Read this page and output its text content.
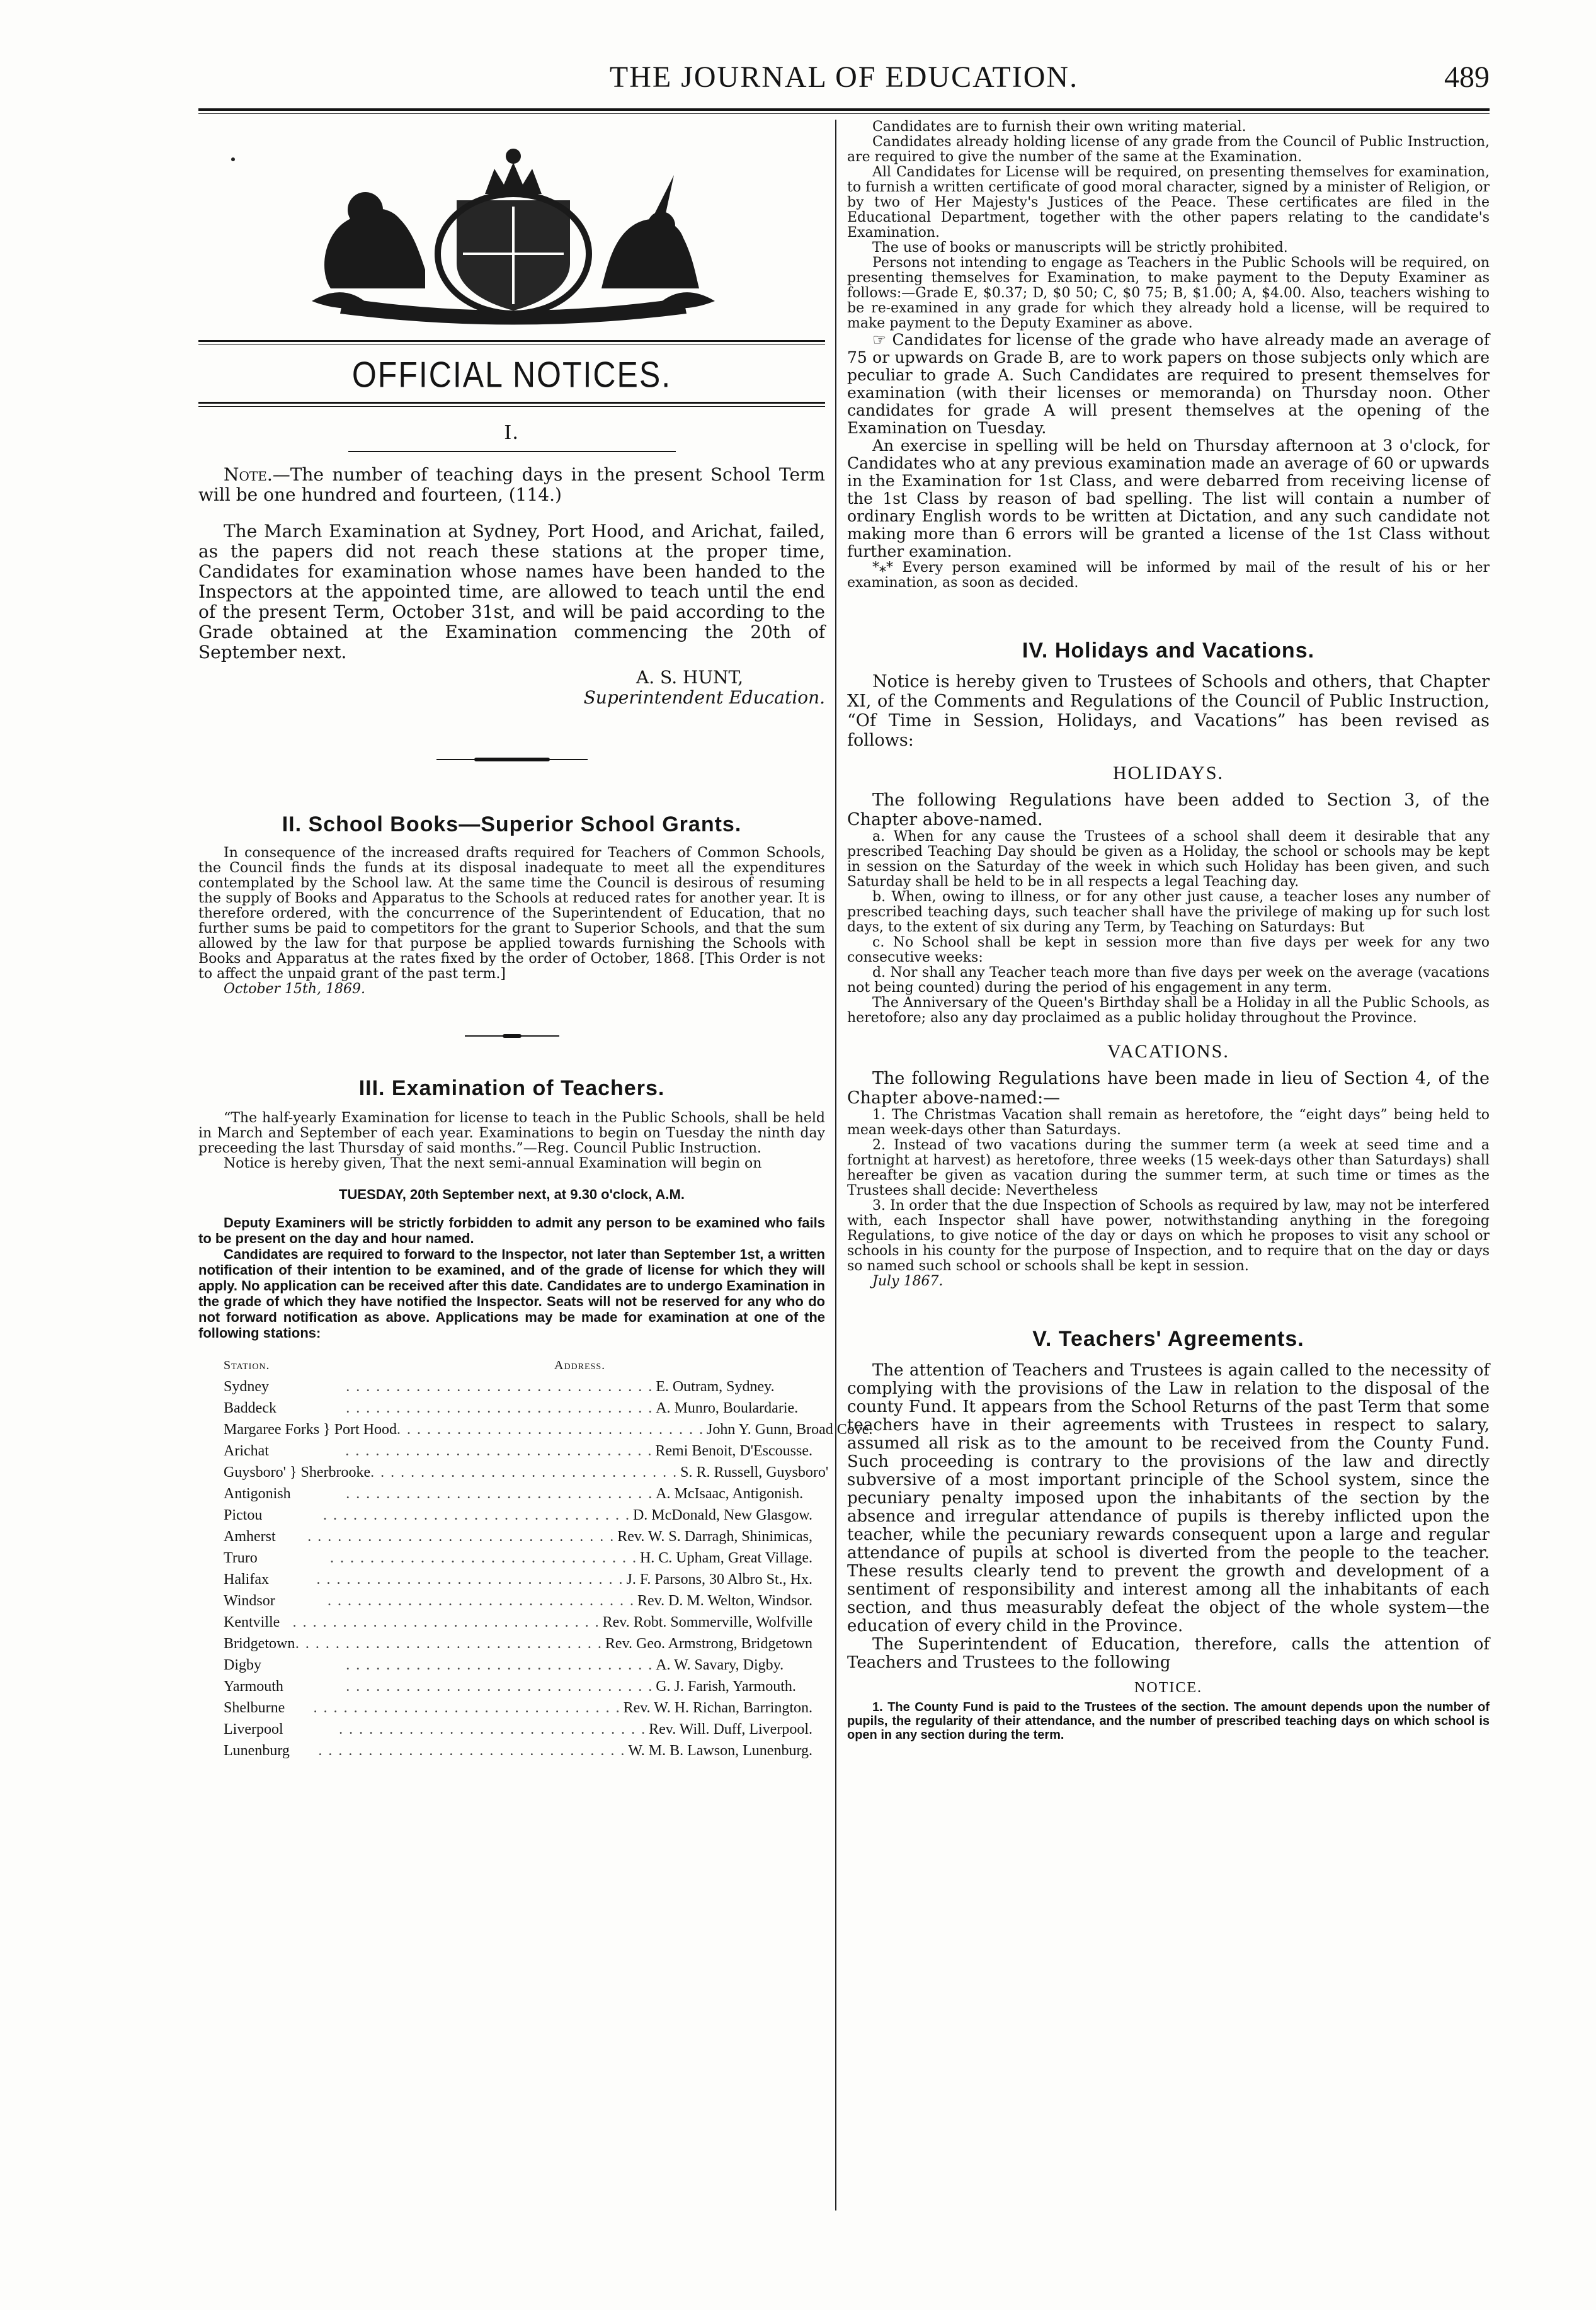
THE JOURNAL OF EDUCATION.	489
OFFICIAL NOTICES.
I.

Note.—The number of teaching days in the present School Term will be one hundred and fourteen, (114.)

The March Examination at Sydney, Port Hood, and Arichat, failed, as the papers did not reach these stations at the proper time, Candidates for examination whose names have been handed to the Inspectors at the appointed time, are allowed to teach until the end of the present Term, October 31st, and will be paid according to the Grade obtained at the Examination commencing the 20th of September next.

A. S. HUNT,

Superintendent Education.

II. School Books—Superior School Grants.

In consequence of the increased drafts required for Teachers of Common Schools, the Council finds the funds at its disposal inadequate to meet all the expenditures contemplated by the School law. At the same time the Council is desirous of resuming the supply of Books and Apparatus to the Schools at reduced rates for another year. It is therefore ordered, with the concurrence of the Superintendent of Education, that no further sums be paid to competitors for the grant to Superior Schools, and that the sum allowed by the law for that purpose be applied towards furnishing the Schools with Books and Apparatus at the rates fixed by the order of October, 1868. [This Order is not to affect the unpaid grant of the past term.]

October 15th, 1869.

III. Examination of Teachers.

“The half-yearly Examination for license to teach in the Public Schools, shall be held in March and September of each year. Examinations to begin on Tuesday the ninth day preceeding the last Thursday of said months.”—Reg. Council Public Instruction.

Notice is hereby given, That the next semi-annual Examination will begin on

TUESDAY, 20th September next, at 9.30 o'clock, A.M.

Deputy Examiners will be strictly forbidden to admit any person to be examined who fails to be present on the day and hour named.

Candidates are required to forward to the Inspector, not later than September 1st, a written notification of their intention to be examined, and of the grade of license for which they will apply. No application can be received after this date. Candidates are to undergo Examination in the grade of which they have notified the Inspector. Seats will not be reserved for any who do not forward notification as above. Applications may be made for examination at one of the following stations:

Station.	Address.
Sydney	. . . . . . . . . . . . . . . . . . . . . . . . . . . . . . . E. Outram, Sydney.
Baddeck	. . . . . . . . . . . . . . . . . . . . . . . . . . . . . . . A. Munro, Boulardarie.
Margaree Forks } Port Hood . . . . . . . . . . . . . . . . . . . . . . . . . . . . . . . John Y. Gunn, Broad Cove.
Arichat	. . . . . . . . . . . . . . . . . . . . . . . . . . . . . . . Remi Benoit, D'Escousse.
Guysboro' } Sherbrooke . . . . . . . . . . . . . . . . . . . . . . . . . . . . . . . S. R. Russell, Guysboro'
Antigonish	. . . . . . . . . . . . . . . . . . . . . . . . . . . . . . . A. McIsaac, Antigonish.
Pictou	. . . . . . . . . . . . . . . . . . . . . . . . . . . . . . . D. McDonald, New Glasgow.
Amherst	. . . . . . . . . . . . . . . . . . . . . . . . . . . . . . . Rev. W. S. Darragh, Shinimicas,
Truro	. . . . . . . . . . . . . . . . . . . . . . . . . . . . . . . H. C. Upham, Great Village.
Halifax	. . . . . . . . . . . . . . . . . . . . . . . . . . . . . . . J. F. Parsons, 30 Albro St., Hx.
Windsor	. . . . . . . . . . . . . . . . . . . . . . . . . . . . . . . Rev. D. M. Welton, Windsor.
Kentville . . . . . . . . . . . . . . . . . . . . . . . . . . . . . . . Rev. Robt. Sommerville, Wolfville
Bridgetown . . . . . . . . . . . . . . . . . . . . . . . . . . . . . . . Rev. Geo. Armstrong, Bridgetown
Digby	. . . . . . . . . . . . . . . . . . . . . . . . . . . . . . . A. W. Savary, Digby.
Yarmouth	. . . . . . . . . . . . . . . . . . . . . . . . . . . . . . . G. J. Farish, Yarmouth.
Shelburne	. . . . . . . . . . . . . . . . . . . . . . . . . . . . . . . Rev. W. H. Richan, Barrington.
Liverpool	. . . . . . . . . . . . . . . . . . . . . . . . . . . . . . . Rev. Will. Duff, Liverpool.
Lunenburg	. . . . . . . . . . . . . . . . . . . . . . . . . . . . . . . W. M. B. Lawson, Lunenburg.

Candidates are to furnish their own writing material.

Candidates already holding license of any grade from the Council of Public Instruction, are required to give the number of the same at the Examination.

All Candidates for License will be required, on presenting themselves for examination, to furnish a written certificate of good moral character, signed by a minister of Religion, or by two of Her Majesty's Justices of the Peace. These certificates are filed in the Educational Department, together with the other papers relating to the candidate's Examination.

The use of books or manuscripts will be strictly prohibited.

Persons not intending to engage as Teachers in the Public Schools will be required, on presenting themselves for Examination, to make payment to the Deputy Examiner as follows:—Grade E, $0.37; D, $0 50; C, $0 75; B, $1.00; A, $4.00. Also, teachers wishing to be re-examined in any grade for which they already hold a license, will be required to make payment to the Deputy Examiner as above.

☞ Candidates for license of the grade who have already made an average of 75 or upwards on Grade B, are to work papers on those subjects only which are peculiar to grade A. Such Candidates are required to present themselves for examination (with their licenses or memoranda) on Thursday noon. Other candidates for grade A will present themselves at the opening of the Examination on Tuesday.

An exercise in spelling will be held on Thursday afternoon at 3 o'clock, for Candidates who at any previous examination made an average of 60 or upwards in the Examination for 1st Class, and were debarred from receiving license of the 1st Class by reason of bad spelling. The list will contain a number of ordinary English words to be written at Dictation, and any such candidate not making more than 6 errors will be granted a license of the 1st Class without further examination.

*⁎* Every person examined will be informed by mail of the result of his or her examination, as soon as decided.

IV. Holidays and Vacations.

Notice is hereby given to Trustees of Schools and others, that Chapter XI, of the Comments and Regulations of the Council of Public Instruction, “Of Time in Session, Holidays, and Vacations” has been revised as follows:

HOLIDAYS.

The following Regulations have been added to Section 3, of the Chapter above-named.

a. When for any cause the Trustees of a school shall deem it desirable that any prescribed Teaching Day should be given as a Holiday, the school or schools may be kept in session on the Saturday of the week in which such Holiday has been given, and such Saturday shall be held to be in all respects a legal Teaching day.

b. When, owing to illness, or for any other just cause, a teacher loses any number of prescribed teaching days, such teacher shall have the privilege of making up for such lost days, to the extent of six during any Term, by Teaching on Saturdays: But

c. No School shall be kept in session more than five days per week for any two consecutive weeks:

d. Nor shall any Teacher teach more than five days per week on the average (vacations not being counted) during the period of his engagement in any term.

The Anniversary of the Queen's Birthday shall be a Holiday in all the Public Schools, as heretofore; also any day proclaimed as a public holiday throughout the Province.

VACATIONS.

The following Regulations have been made in lieu of Section 4, of the Chapter above-named:—

1. The Christmas Vacation shall remain as heretofore, the “eight days” being held to mean week-days other than Saturdays.

2. Instead of two vacations during the summer term (a week at seed time and a fortnight at harvest) as heretofore, three weeks (15 week-days other than Saturdays) shall hereafter be given as vacation during the summer term, at such time or times as the Trustees shall decide: Nevertheless

3. In order that the due Inspection of Schools as required by law, may not be interfered with, each Inspector shall have power, notwithstanding anything in the foregoing Regulations, to give notice of the day or days on which he proposes to visit any school or schools in his county for the purpose of Inspection, and to require that on the day or days so named such school or schools shall be kept in session.

July 1867.

V. Teachers' Agreements.

The attention of Teachers and Trustees is again called to the necessity of complying with the provisions of the Law in relation to the disposal of the county Fund. It appears from the School Returns of the past Term that some teachers have in their agreements with Trustees in respect to salary, assumed all risk as to the amount to be received from the County Fund. Such proceeding is contrary to the provisions of the law and directly subversive of a most important principle of the School system, since the pecuniary penalty imposed upon the inhabitants of the section by the absence and irregular attendance of pupils is thereby inflicted upon the teacher, while the pecuniary rewards consequent upon a large and regular attendance of pupils at school is diverted from the people to the teacher. These results clearly tend to prevent the growth and development of a sentiment of responsibility and interest among all the inhabitants of each section, and thus measurably defeat the object of the whole system—the education of every child in the Province.

The Superintendent of Education, therefore, calls the attention of Teachers and Trustees to the following

NOTICE.

1. The County Fund is paid to the Trustees of the section. The amount depends upon the number of pupils, the regularity of their attendance, and the number of prescribed teaching days on which school is open in any section during the term.
